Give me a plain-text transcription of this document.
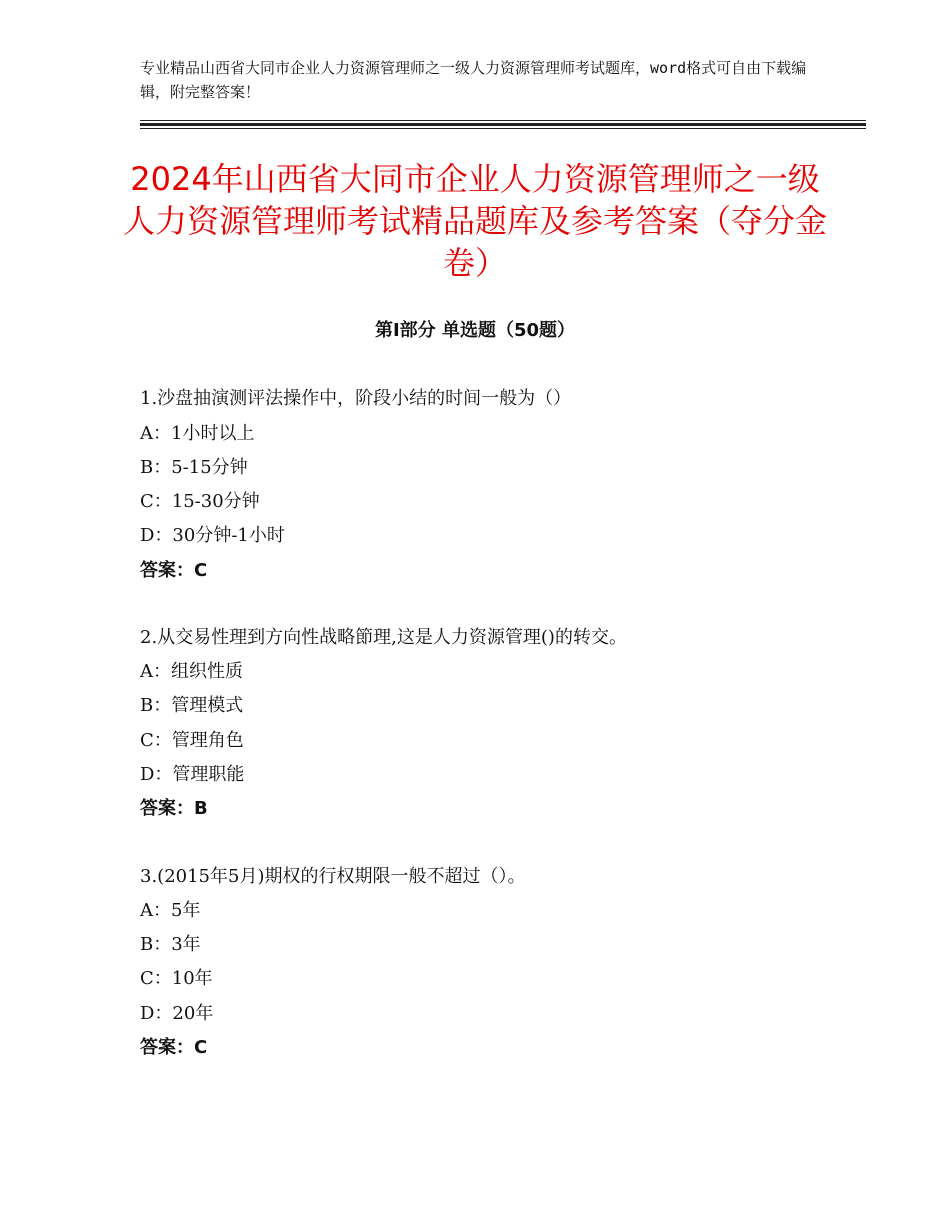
专业精品山西省大同市企业人力资源管理师之一级人力资源管理师考试题库，word格式可自由下载编辑，附完整答案！
2024年山西省大同市企业人力资源管理师之一级人力资源管理师考试精品题库及参考答案（夺分金卷）
第Ⅰ部分 单选题（50题）
1.沙盘抽演测评法操作中，阶段小结的时间一般为（）
A：1小时以上
B：5-15分钟
C：15-30分钟
D：30分钟-1小时
答案：C
2.从交易性理到方向性战略節理,这是人力资源管理()的转交。
A：组织性质
B：管理模式
C：管理角色
D：管理职能
答案：B
3.(2015年5月)期权的行权期限一般不超过（）。
A：5年
B：3年
C：10年
D：20年
答案：C
